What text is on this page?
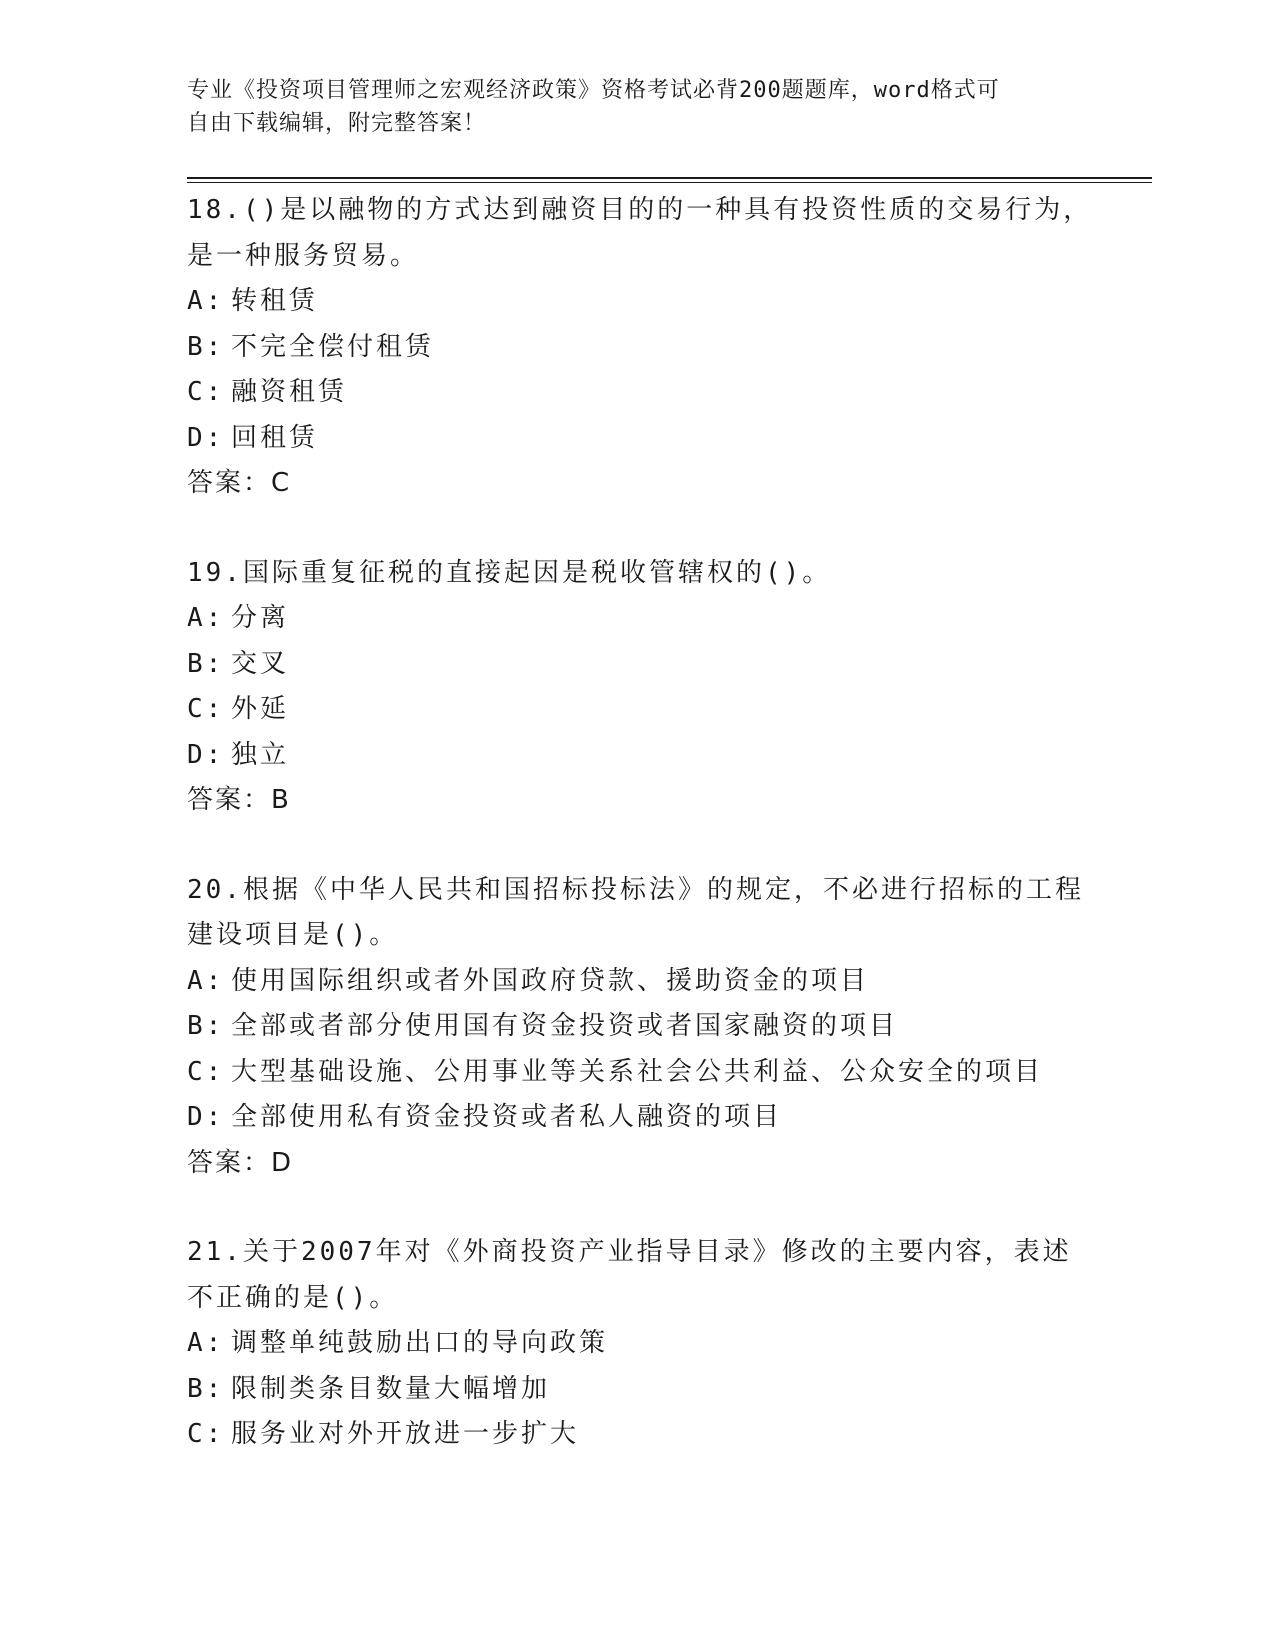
专业《投资项目管理师之宏观经济政策》资格考试必背200题题库，word格式可
自由下载编辑，附完整答案！
18.()是以融物的方式达到融资目的的一种具有投资性质的交易行为，
是一种服务贸易。
A: 转租赁
B: 不完全偿付租赁
C: 融资租赁
D: 回租赁
答案：C
19.国际重复征税的直接起因是税收管辖权的()。
A: 分离
B: 交叉
C: 外延
D: 独立
答案：B
20.根据《中华人民共和国招标投标法》的规定，不必进行招标的工程
建设项目是()。
A: 使用国际组织或者外国政府贷款、援助资金的项目
B: 全部或者部分使用国有资金投资或者国家融资的项目
C: 大型基础设施、公用事业等关系社会公共利益、公众安全的项目
D: 全部使用私有资金投资或者私人融资的项目
答案：D
21.关于2007年对《外商投资产业指导目录》修改的主要内容，表述
不正确的是()。
A: 调整单纯鼓励出口的导向政策
B: 限制类条目数量大幅增加
C: 服务业对外开放进一步扩大
